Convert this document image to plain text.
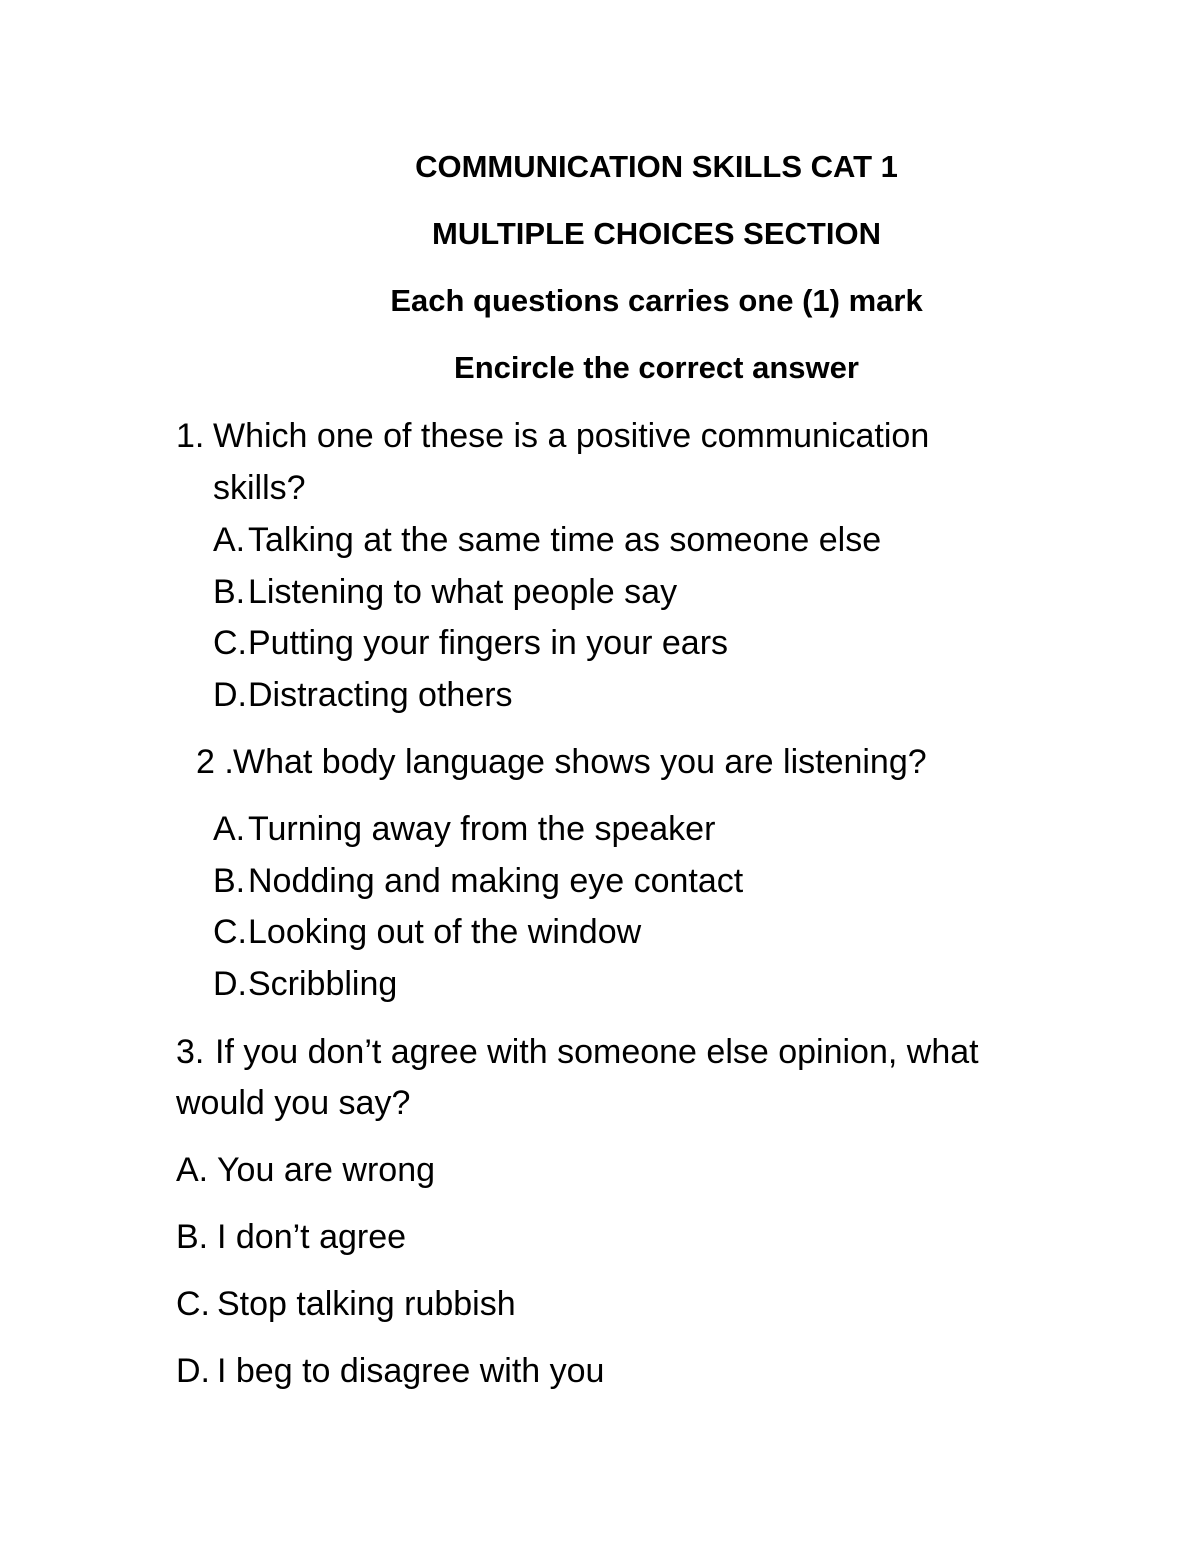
COMMUNICATION SKILLS CAT 1
MULTIPLE CHOICES SECTION
Each questions carries one (1) mark
Encircle the correct answer
1. Which one of these is a positive communication
skills?
A. Talking at the same time as someone else
B. Listening to what people say
C. Putting your fingers in your ears
D. Distracting others
2 . What body language shows you are listening?
A. Turning away from the speaker
B. Nodding and making eye contact
C. Looking out of the window
D. Scribbling
3. If you don’t agree with someone else opinion, what
would you say?
A. You are wrong
B. I don’t agree
C. Stop talking rubbish
D. I beg to disagree with you
